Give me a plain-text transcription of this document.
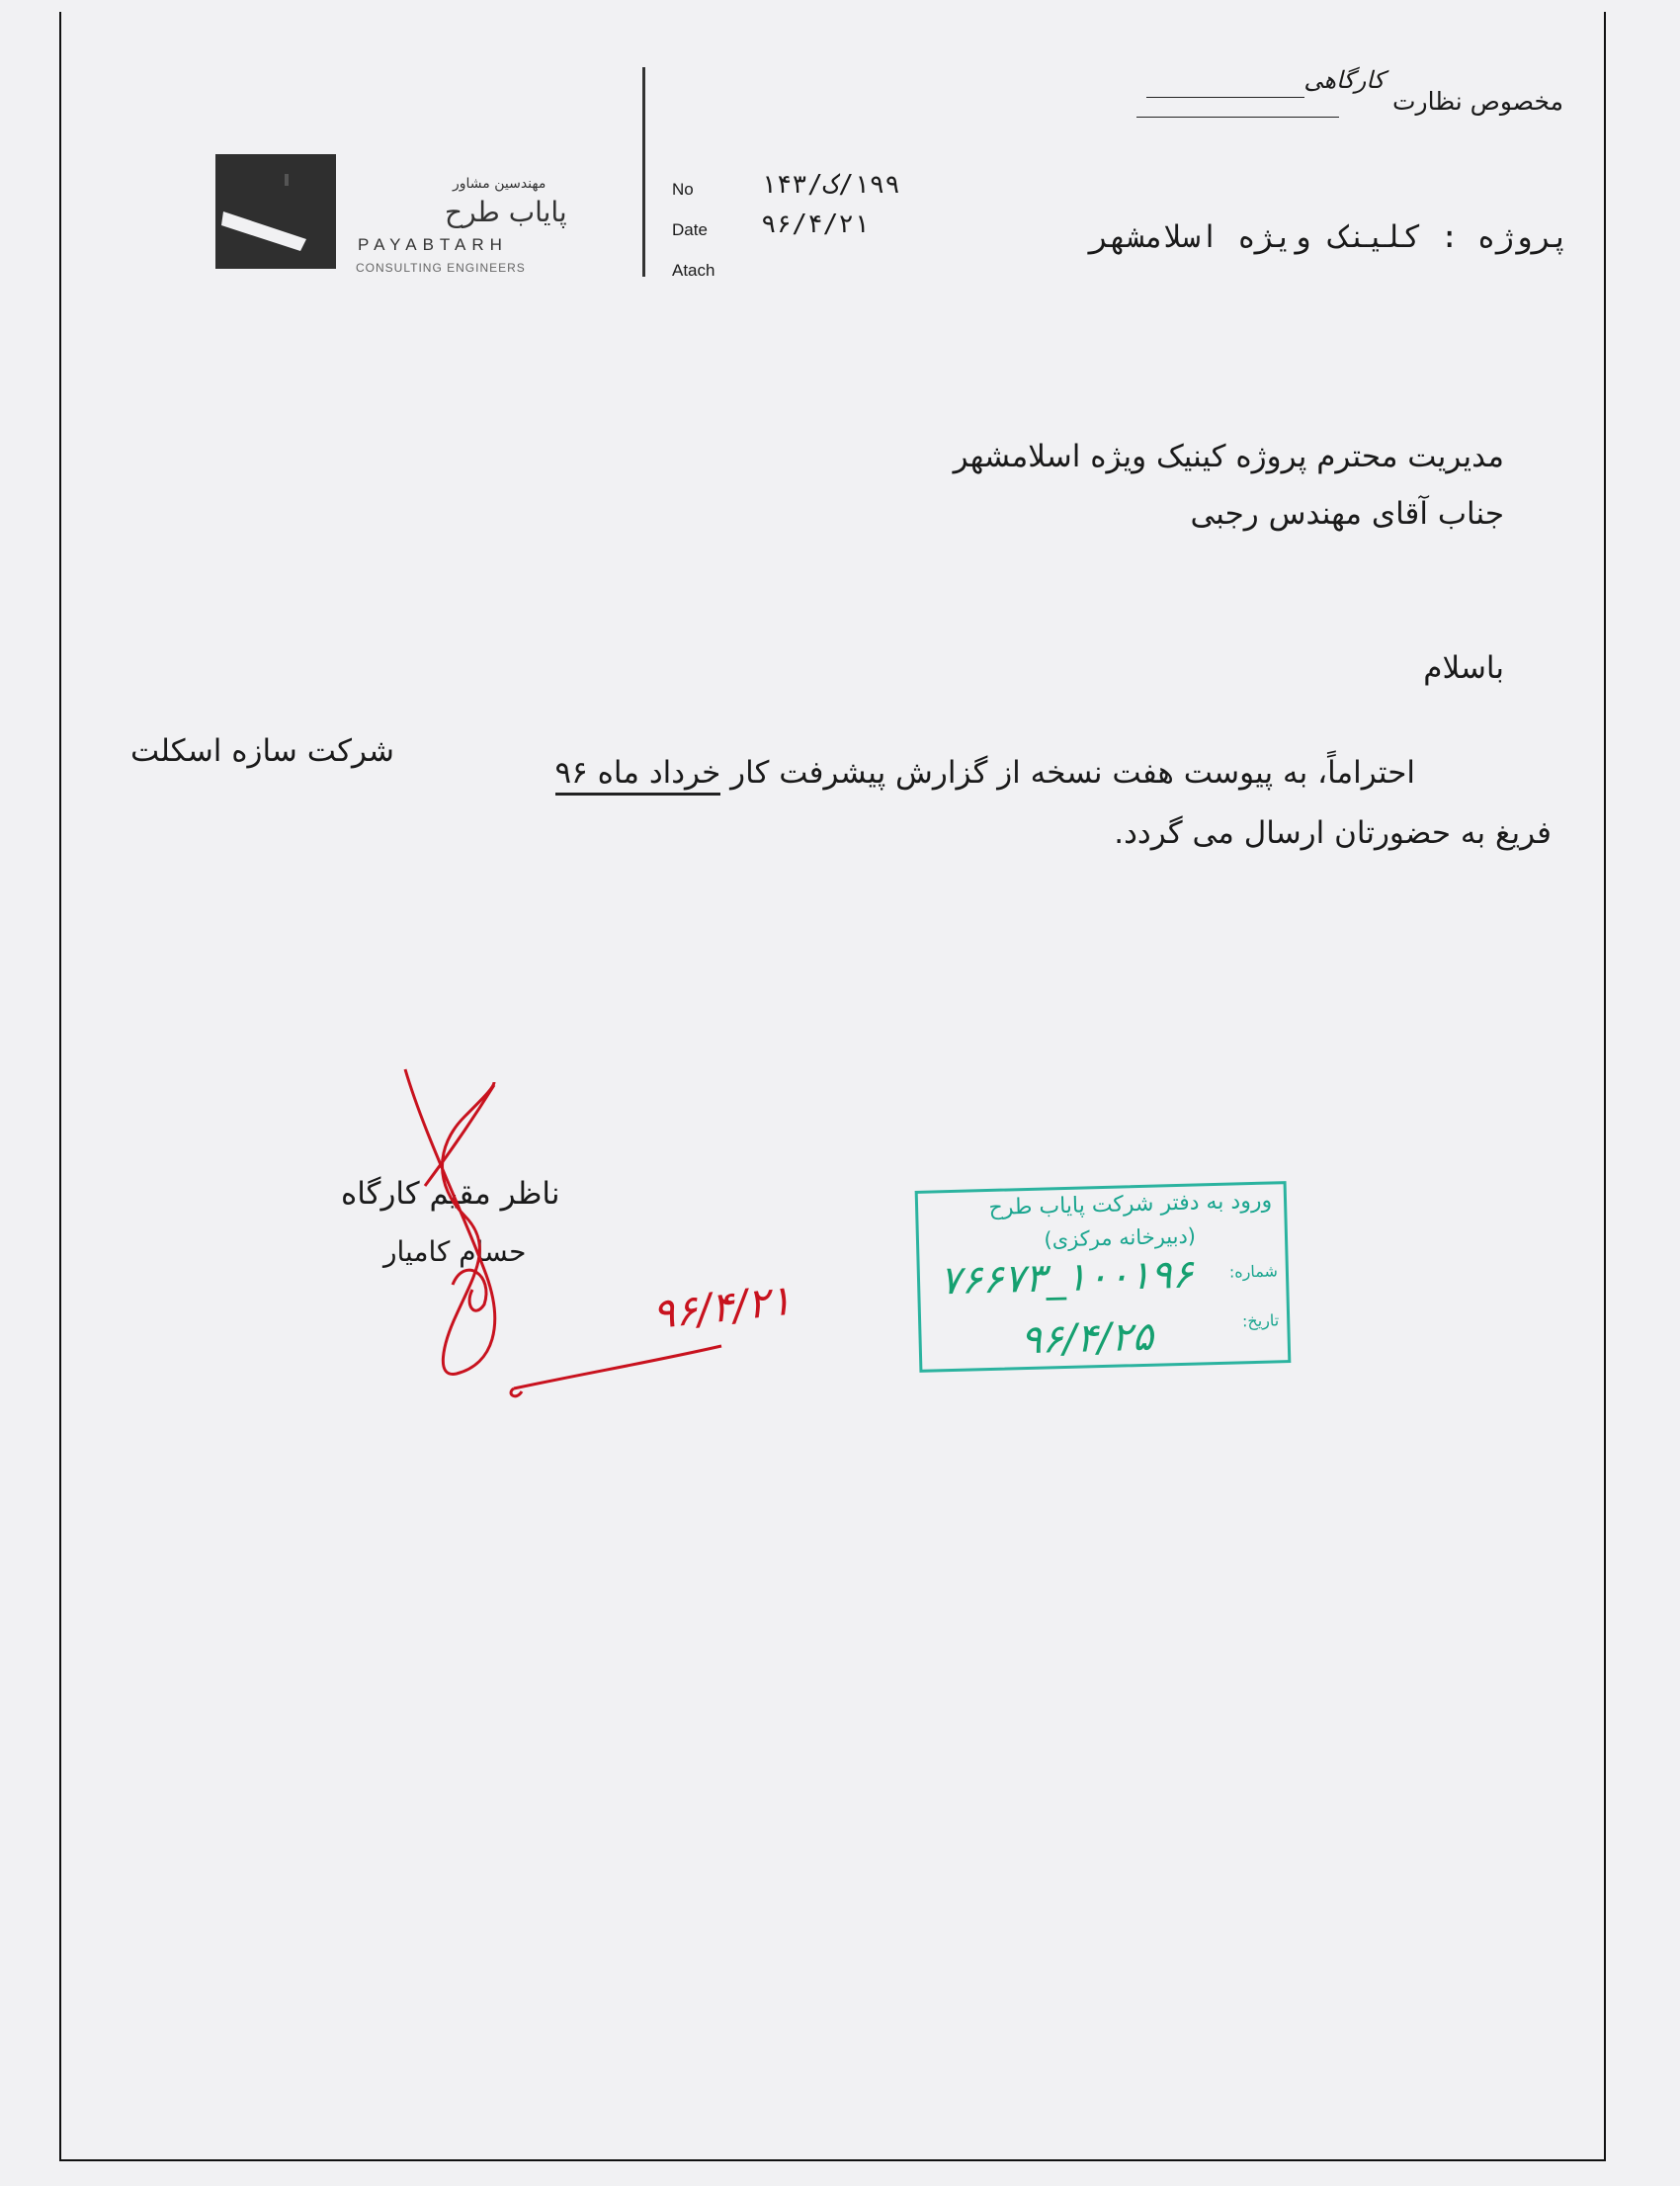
مخصوص نظارت کارگاهی
پروژه : کلینک ویژه اسلامشهر
No	۱۹۹/ک/۱۴۳
Date ۹۶/۴/۲۱
Atach
مهندسین مشاور
پایاب طرح
PAYABTARH
CONSULTING ENGINEERS
مدیریت محترم پروژه کینیک ویژه اسلامشهر
جناب آقای مهندس رجبی
باسلام
احتراماً، به پیوست هفت نسخه از گزارش پیشرفت کار خرداد ماه ۹۶
شرکت سازه اسکلت
فریغ به حضورتان ارسال می گردد.
ناظر مقیم کارگاه
حسام کامیار
۹۶/۴/۲۱
ورود به دفتر شرکت پایاب طرح
(دبیرخانه مرکزی)
شماره:
۱۰۰۱۹۶_۷۶۶۷۳
تاریخ:
۹۶/۴/۲۵
